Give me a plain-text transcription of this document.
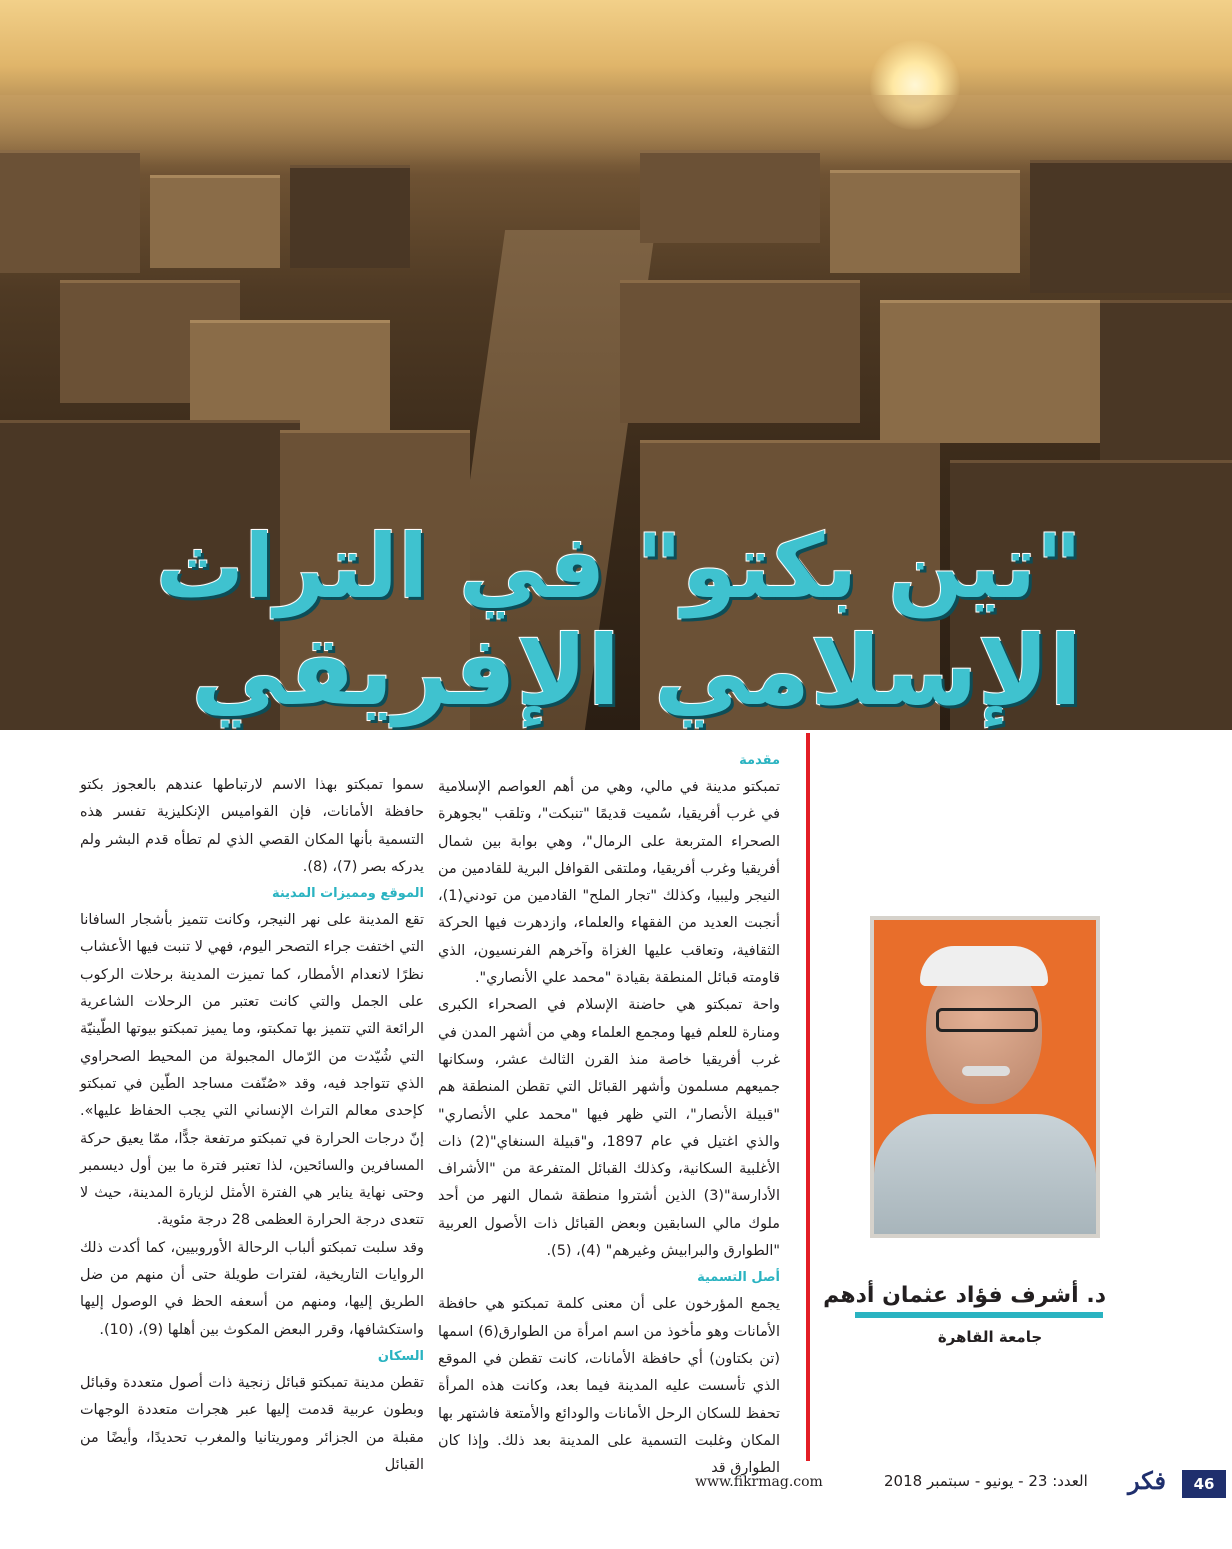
"تين بكتو" في التراث
الإسلامي الإفريقي
مقدمة

تمبكتو مدينة في مالي، وهي من أهم العواصم الإسلامية في غرب أفريقيا، سُميت قديمًا "تنبكت"، وتلقب "بجوهرة الصحراء المتربعة على الرمال"، وهي بوابة بين شمال أفريقيا وغرب أفريقيا، وملتقى القوافل البرية للقادمين من النيجر وليبيا، وكذلك "تجار الملح" القادمين من تودني(1)، أنجبت العديد من الفقهاء والعلماء، وازدهرت فيها الحركة الثقافية، وتعاقب عليها الغزاة وآخرهم الفرنسيون، الذي قاومته قبائل المنطقة بقيادة "محمد علي الأنصاري".

واحة تمبكتو هي حاضنة الإسلام في الصحراء الكبرى ومنارة للعلم فيها ومجمع العلماء وهي من أشهر المدن في غرب أفريقيا خاصة منذ القرن الثالث عشر، وسكانها جميعهم مسلمون وأشهر القبائل التي تقطن المنطقة هم "قبيلة الأنصار"، التي ظهر فيها "محمد علي الأنصاري" والذي اغتيل في عام 1897، و"قبيلة السنغاي"(2) ذات الأغلبية السكانية، وكذلك القبائل المتفرعة من "الأشراف الأدارسة"(3) الذين أشتروا منطقة شمال النهر من أحد ملوك مالي السابقين وبعض القبائل ذات الأصول العربية "الطوارق والبرابيش وغيرهم" (4)، (5).

أصل التسمية

يجمع المؤرخون على أن معنى كلمة تمبكتو هي حافظة الأمانات وهو مأخوذ من اسم امرأة من الطوارق(6) اسمها (تن بكتاون) أي حافظة الأمانات، كانت تقطن في الموقع الذي تأسست عليه المدينة فيما بعد، وكانت هذه المرأة تحفظ للسكان الرحل الأمانات والودائع والأمتعة فاشتهر بها المكان وغلبت التسمية على المدينة بعد ذلك. وإذا كان الطوارق قد

سموا تمبكتو بهذا الاسم لارتباطها عندهم بالعجوز بكتو حافظة الأمانات، فإن القواميس الإنكليزية تفسر هذه التسمية بأنها المكان القصي الذي لم تطأه قدم البشر ولم يدركه بصر (7)، (8).

الموقع ومميزات المدينة

تقع المدينة على نهر النيجر، وكانت تتميز بأشجار السافانا التي اختفت جراء التصحر اليوم، فهي لا تنبت فيها الأعشاب نظرًا لانعدام الأمطار، كما تميزت المدينة برحلات الركوب على الجمل والتي كانت تعتبر من الرحلات الشاعرية الرائعة التي تتميز بها تمكبتو، وما يميز تمبكتو بيوتها الطّينيّة التي شُيّدت من الرّمال المجبولة من المحيط الصحراوي الذي تتواجد فيه، وقد «صُنّفت مساجد الطّين في تمبكتو كإحدى معالم التراث الإنساني التي يجب الحفاظ عليها». إنّ درجات الحرارة في تمبكتو مرتفعة جدًّا، ممّا يعيق حركة المسافرين والسائحين، لذا تعتبر فترة ما بين أول ديسمبر وحتى نهاية يناير هي الفترة الأمثل لزيارة المدينة، حيث لا تتعدى درجة الحرارة العظمى 28 درجة مئوية.

وقد سلبت تمبكتو ألباب الرحالة الأوروبيين، كما أكدت ذلك الروايات التاريخية، لفترات طويلة حتى أن منهم من ضل الطريق إليها، ومنهم من أسعفه الحظ في الوصول إليها واستكشافها، وقرر البعض المكوث بين أهلها (9)، (10).

السكان

تقطن مدينة تمبكتو قبائل زنجية ذات أصول متعددة وقبائل وبطون عربية قدمت إليها عبر هجرات متعددة الوجهات مقبلة من الجزائر وموريتانيا والمغرب تحديدًا، وأيضًا من القبائل

د. أشرف فؤاد عثمان أدهم
جامعة القاهرة
46
فكر
العدد: 23 - يونيو - سبتمبر 2018
www.fikrmag.com
